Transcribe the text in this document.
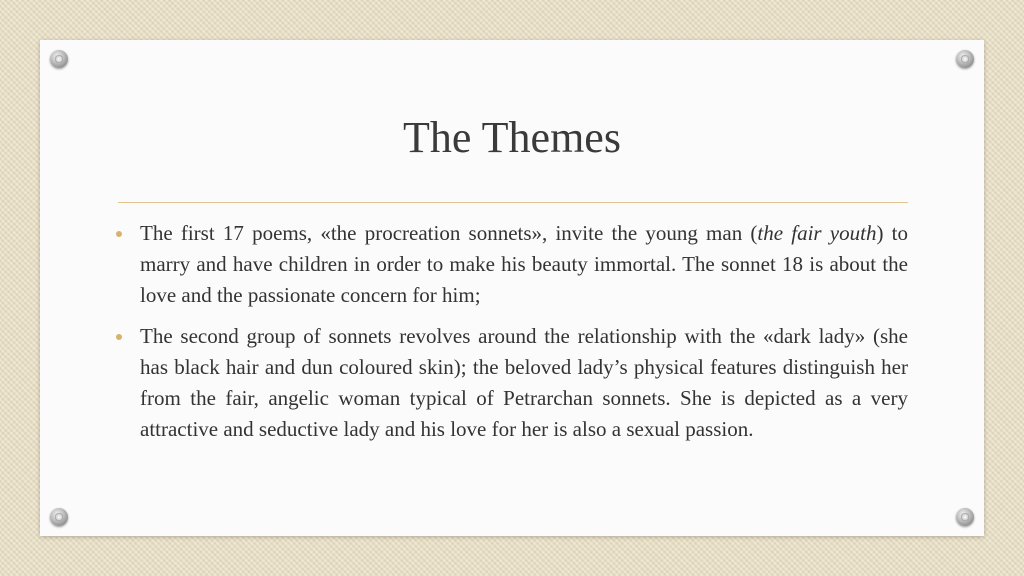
The Themes
The first 17 poems, «the procreation sonnets», invite the young man (the fair youth) to marry and have children in order to make his beauty immortal. The sonnet 18 is about the love and the passionate concern for him;
The second group of sonnets revolves around the relationship with the «dark lady» (she has black hair and dun coloured skin); the beloved lady’s physical features distinguish her from the fair, angelic woman typical of Petrarchan sonnets. She is depicted as a very attractive and seductive lady and his love for her is also a sexual passion.
